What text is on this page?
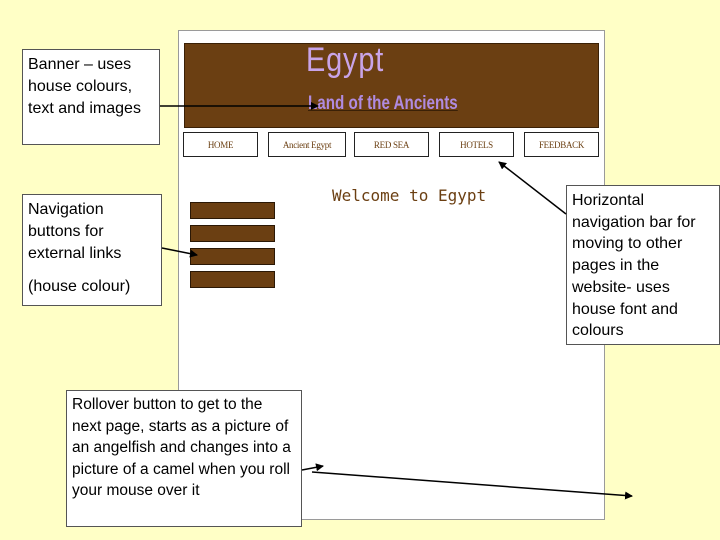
Egypt
Land of the Ancients
HOME	Ancient Egypt	RED SEA	HOTELS	FEEDBACK
Welcome to Egypt
Banner – uses house colours, text and images
Navigation buttons for external links
(house colour)
Rollover button to get to the next page, starts as a picture of an angelfish and changes into a picture of a camel when you roll your mouse over it
Horizontal navigation bar for moving to other pages in the website- uses house font and colours
